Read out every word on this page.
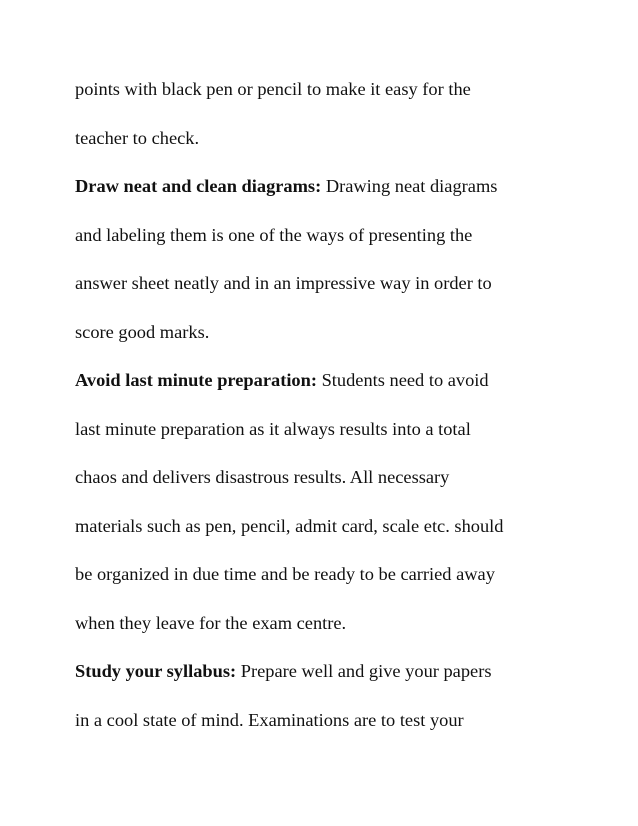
points with black pen or pencil to make it easy for the
teacher to check.
Draw neat and clean diagrams: Drawing neat diagrams
and labeling them is one of the ways of presenting the
answer sheet neatly and in an impressive way in order to
score good marks.
Avoid last minute preparation: Students need to avoid
last minute preparation as it always results into a total
chaos and delivers disastrous results. All necessary
materials such as pen, pencil, admit card, scale etc. should
be organized in due time and be ready to be carried away
when they leave for the exam centre.
Study your syllabus: Prepare well and give your papers
in a cool state of mind. Examinations are to test your
